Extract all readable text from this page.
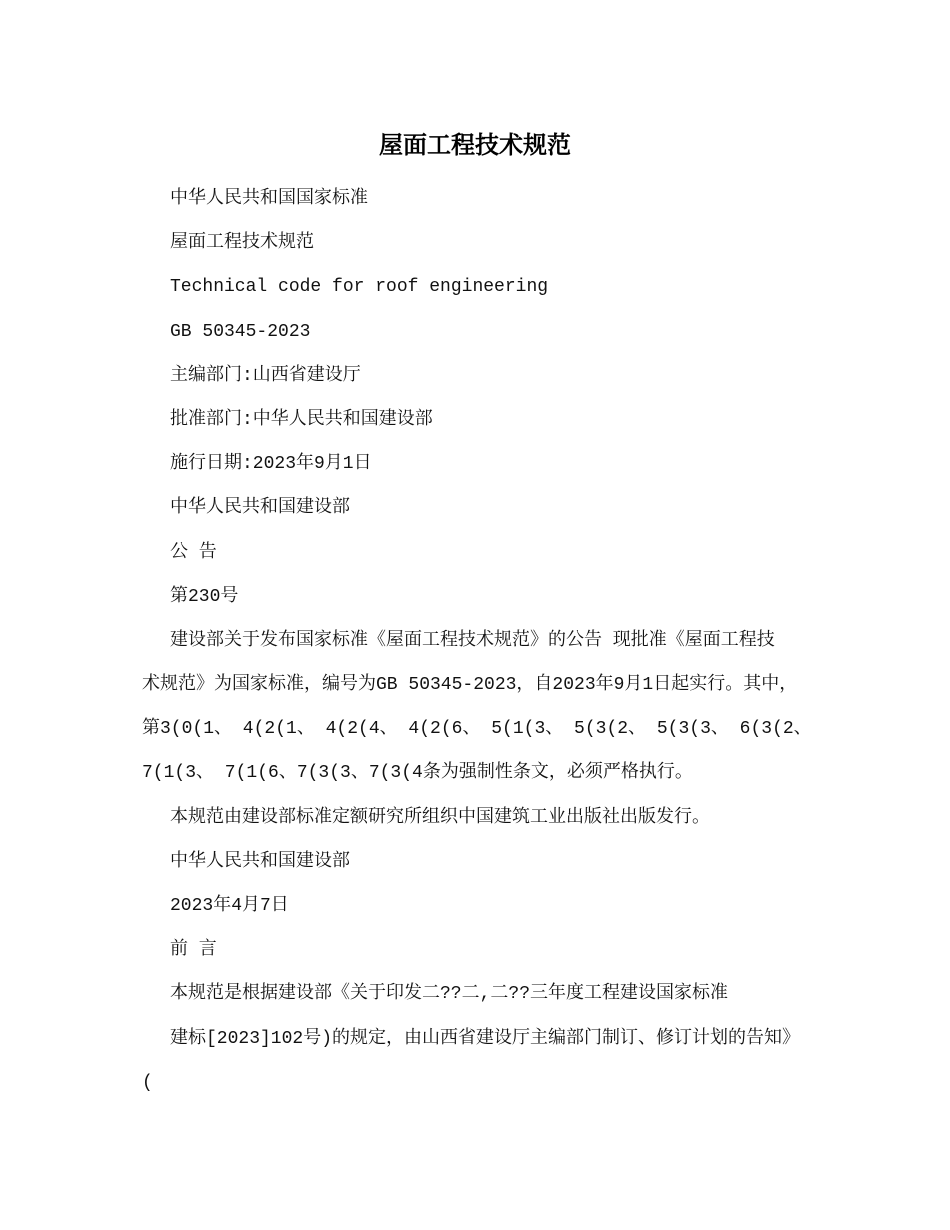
屋面工程技术规范
中华人民共和国国家标准
屋面工程技术规范
Technical code for roof engineering
GB 50345-2023
主编部门:山西省建设厅
批准部门:中华人民共和国建设部
施行日期:2023年9月1日
中华人民共和国建设部
公 告
第230号
建设部关于发布国家标准《屋面工程技术规范》的公告 现批准《屋面工程技
术规范》为国家标准，编号为GB 50345-2023，自2023年9月1日起实行。其中，
第3(0(1、 4(2(1、 4(2(4、 4(2(6、 5(1(3、 5(3(2、 5(3(3、 6(3(2、
7(1(3、 7(1(6、7(3(3、7(3(4条为强制性条文，必须严格执行。
本规范由建设部标准定额研究所组织中国建筑工业出版社出版发行。
中华人民共和国建设部
2023年4月7日
前 言
本规范是根据建设部《关于印发二??二,二??三年度工程建设国家标准
建标[2023]102号)的规定，由山西省建设厅主编部门制订、修订计划的告知》
(
